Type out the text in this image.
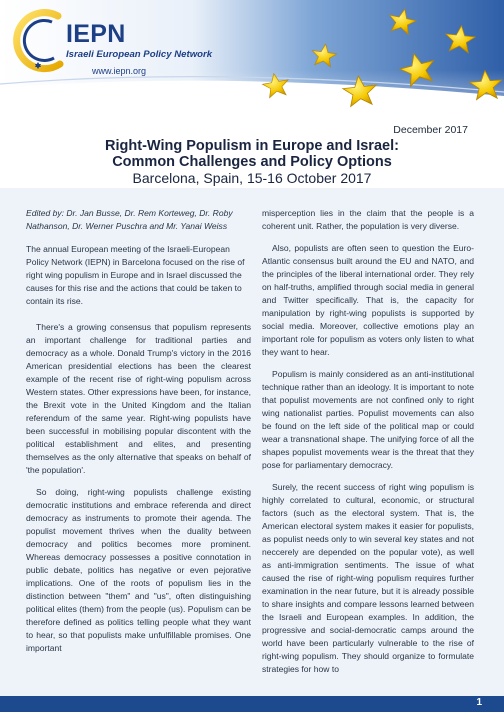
IEPN
Israeli European Policy Network
www.iepn.org
December 2017
Right-Wing Populism in Europe and Israel:
Common Challenges and Policy Options
Barcelona, Spain, 15-16 October 2017

Edited by: Dr. Jan Busse, Dr. Rem Korteweg, Dr. Roby Nathanson, Dr. Werner Puschra and Mr. Yanai Weiss

The annual European meeting of the Israeli-European Policy Network (IEPN) in Barcelona focused on the rise of right wing populism in Europe and in Israel discussed the causes for this rise and the actions that could be taken to contain its rise.

There's a growing consensus that populism represents an important challenge for traditional parties and democracy as a whole. Donald Trump's victory in the 2016 American presidential elections has been the clearest example of the recent rise of right-wing populism across Western states. Other expressions have been, for instance, the Brexit vote in the United Kingdom and the Italian referendum of the same year. Right-wing populists have been successful in mobilising popular discontent with the political establishment and elites, and presenting themselves as the only alternative that speaks on behalf of 'the population'.

So doing, right-wing populists challenge existing democratic institutions and embrace referenda and direct democracy as instruments to promote their agenda. The populist movement thrives when the duality between democracy and politics becomes more prominent. Whereas democracy possesses a positive connotation in public debate, politics has negative or even pejorative implications. One of the roots of populism lies in the distinction between "them" and "us", often distinguishing political elites (them) from the people (us). Populism can be therefore defined as politics telling people what they want to hear, so that populists make unfulfillable promises. One important

misperception lies in the claim that the people is a coherent unit. Rather, the population is very diverse.

Also, populists are often seen to question the Euro-Atlantic consensus built around the EU and NATO, and the principles of the liberal international order. They rely on half-truths, amplified through social media in general and Twitter specifically. That is, the capacity for manipulation by right-wing populists is supported by social media. Moreover, collective emotions play an important role for populism as voters only listen to what they want to hear.

Populism is mainly considered as an anti-institutional technique rather than an ideology. It is important to note that populist movements are not confined only to right wing nationalist parties. Populist movements can also be found on the left side of the political map or could wear a transnational shape. The unifying force of all the shapes populist movements wear is the threat that they pose for parliamentary democracy.

Surely, the recent success of right wing populism is highly correlated to cultural, economic, or structural factors (such as the electoral system. That is, the American electoral system makes it easier for populists, as populist needs only to win several key states and not neccerely are depended on the popular vote), as well as anti-immigration sentiments. The issue of what caused the rise of right-wing populism requires further examination in the near future, but it is already possible to share insights and compare lessons learned between the Israeli and European examples. In addition, the progressive and social-democratic camps around the world have been particularly vulnerable to the rise of right-wing populism. They should organize to formulate strategies for how to

1
